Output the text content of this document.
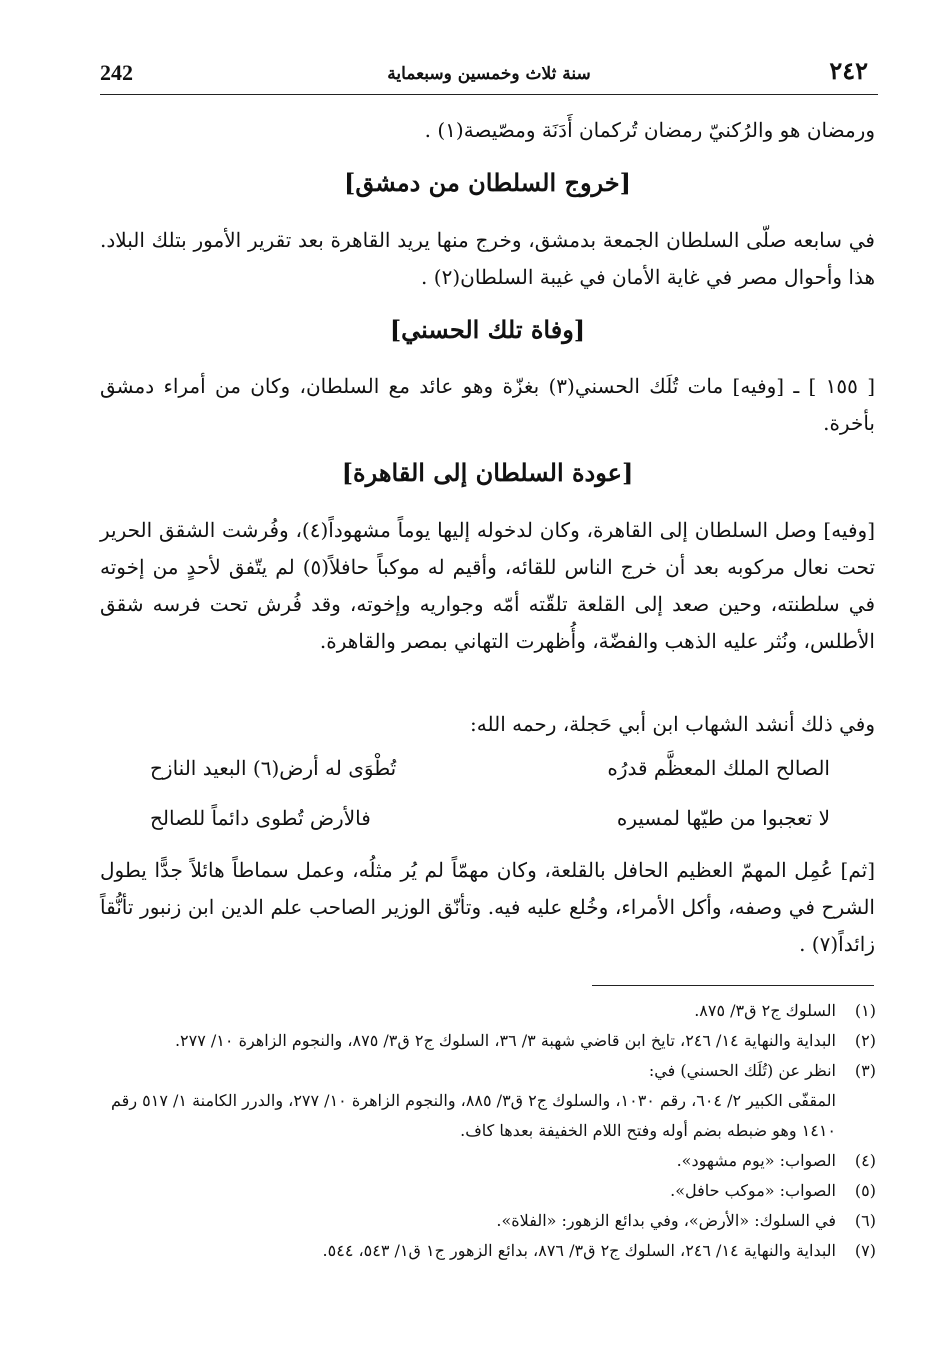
٢٤٢
سنة ثلاث وخمسين وسبعماية
242
ورمضان هو والرُكنيّ رمضان تُركمان أَدَنَة ومصّيصة(١) .
[خروج السلطان من دمشق]
في سابعه صلّى السلطان الجمعة بدمشق، وخرج منها يريد القاهرة بعد تقرير الأمور بتلك البلاد. هذا وأحوال مصر في غاية الأمان في غيبة السلطان(٢) .
[وفاة تلك الحسني]
[ ١٥٥ ] ـ [وفيه] مات تُلَك الحسني(٣) بغزّة وهو عائد مع السلطان، وكان من أمراء دمشق بأخرة.
[عودة السلطان إلى القاهرة]
[وفيه] وصل السلطان إلى القاهرة، وكان لدخوله إليها يوماً مشهوداً(٤)، وفُرشت الشقق الحرير تحت نعال مركوبه بعد أن خرج الناس للقائه، وأقيم له موكباً حافلاً(٥) لم يتّفق لأحدٍ من إخوته في سلطنته، وحين صعد إلى القلعة تلقّته أمّه وجواريه وإخوته، وقد فُرش تحت فرسه شقق الأطلس، ونُثر عليه الذهب والفضّة، وأُظهرت التهاني بمصر والقاهرة.
وفي ذلك أنشد الشهاب ابن أبي حَجلة، رحمه الله:
الصالح الملك المعظَّم قدرُه
تُطْوَى له أرض(٦) البعيد النازح
لا تعجبوا من طيّها لمسيره
فالأرض تُطوى دائماً للصالح
[ثم] عُمِل المهمّ العظيم الحافل بالقلعة، وكان مهمّاً لم يُر مثلُه، وعمل سماطاً هائلاً جدًّا يطول الشرح في وصفه، وأكل الأمراء، وخُلع عليه فيه. وتأنّق الوزير الصاحب علم الدين ابن زنبور تأنُّقاً زائداً(٧) .
(١)
السلوك ج٢ ق٣/ ٨٧٥.
(٢)
البداية والنهاية ١٤/ ٢٤٦، تايخ ابن قاضي شهبة ٣/ ٣٦، السلوك ج٢ ق٣/ ٨٧٥، والنجوم الزاهرة ١٠/ ٢٧٧.
(٣)
انظر عن (تُلَك الحسني) في:
المقفّى الكبير ٢/ ٦٠٤، رقم ١٠٣٠، والسلوك ج٢ ق٣/ ٨٨٥، والنجوم الزاهرة ١٠/ ٢٧٧، والدرر الكامنة ١/ ٥١٧ رقم ١٤١٠ وهو ضبطه بضم أوله وفتح اللام الخفيفة بعدها كاف.
(٤)
الصواب: «يوم مشهود».
(٥)
الصواب: «موكب حافل».
(٦)
في السلوك: «الأرض»، وفي بدائع الزهور: «الفلاة».
(٧)
البداية والنهاية ١٤/ ٢٤٦، السلوك ج٢ ق٣/ ٨٧٦، بدائع الزهور ج١ ق١/ ٥٤٣، ٥٤٤.
